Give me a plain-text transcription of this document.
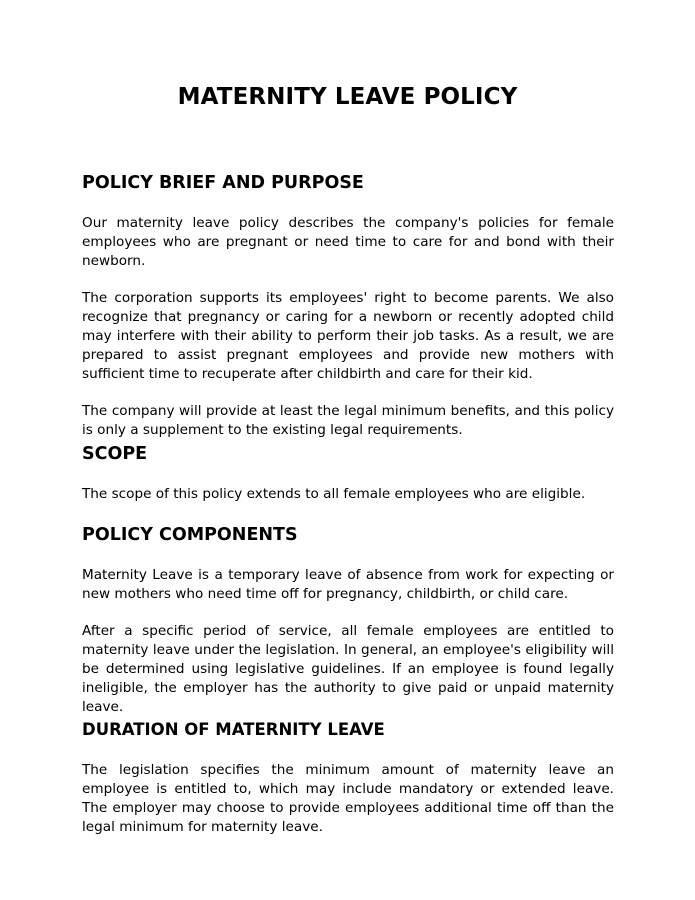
MATERNITY LEAVE POLICY
POLICY BRIEF AND PURPOSE

Our maternity leave policy describes the company's policies for female employees who are pregnant or need time to care for and bond with their newborn.

The corporation supports its employees' right to become parents. We also recognize that pregnancy or caring for a newborn or recently adopted child may interfere with their ability to perform their job tasks. As a result, we are prepared to assist pregnant employees and provide new mothers with sufficient time to recuperate after childbirth and care for their kid.

The company will provide at least the legal minimum benefits, and this policy is only a supplement to the existing legal requirements.

SCOPE

The scope of this policy extends to all female employees who are eligible.

POLICY COMPONENTS

Maternity Leave is a temporary leave of absence from work for expecting or new mothers who need time off for pregnancy, childbirth, or child care.

After a specific period of service, all female employees are entitled to maternity leave under the legislation. In general, an employee's eligibility will be determined using legislative guidelines. If an employee is found legally ineligible, the employer has the authority to give paid or unpaid maternity leave.

DURATION OF MATERNITY LEAVE

The legislation specifies the minimum amount of maternity leave an employee is entitled to, which may include mandatory or extended leave. The employer may choose to provide employees additional time off than the legal minimum for maternity leave.
